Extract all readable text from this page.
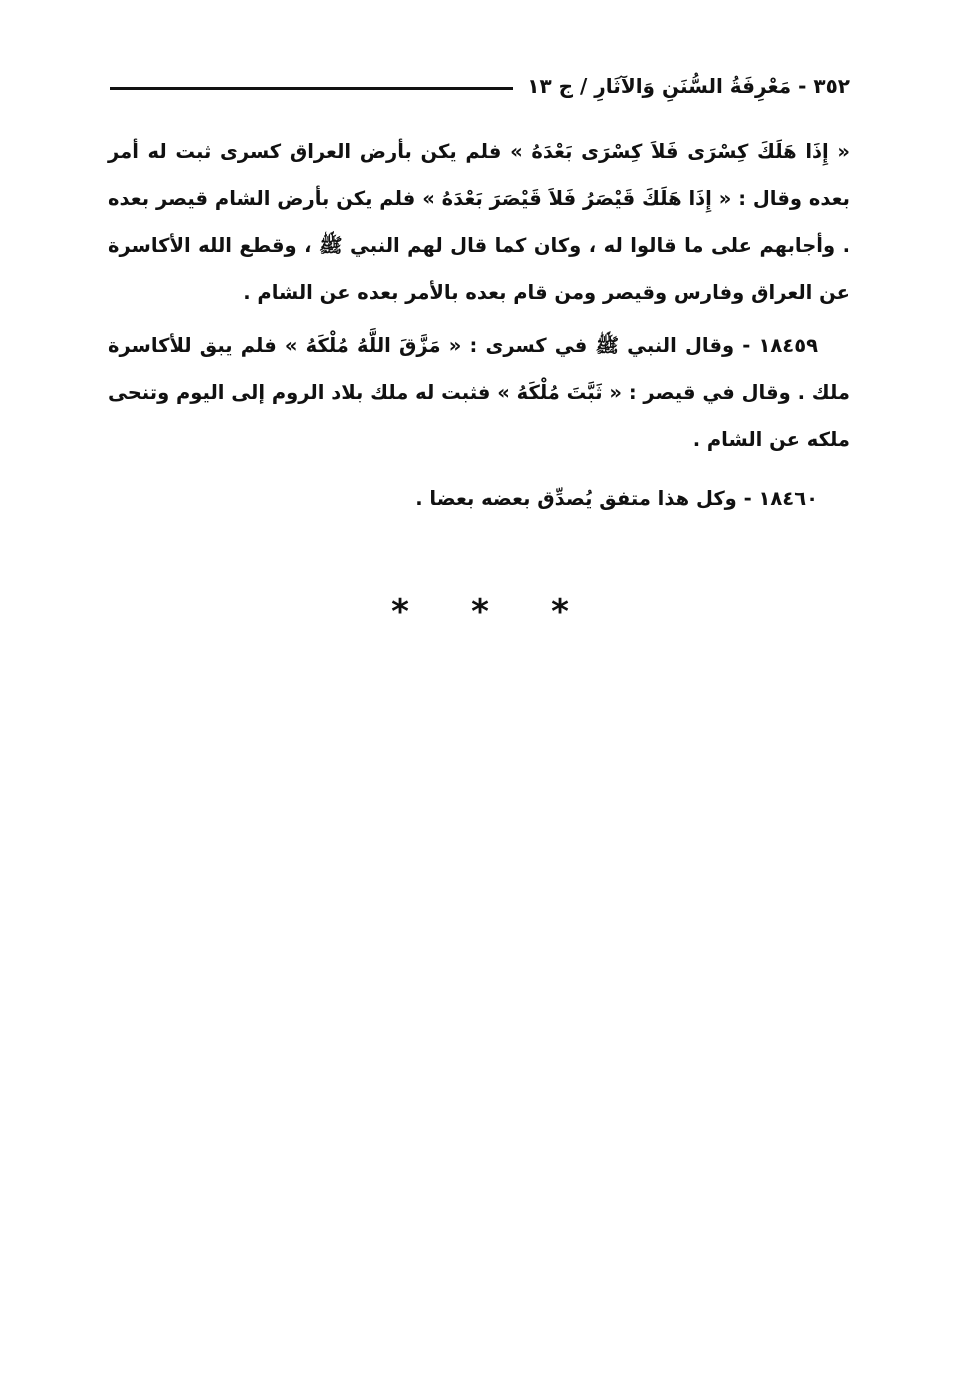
٣٥٢ - مَعْرِفَةُ السُّنَنِ وَالآثَارِ / ج ١٣

« إِذَا هَلَكَ كِسْرَى فَلاَ كِسْرَى بَعْدَهُ » فلم يكن بأرض العراق كسرى ثبت له أمر بعده وقال : « إِذَا هَلَكَ قَيْصَرُ فَلاَ قَيْصَرَ بَعْدَهُ » فلم يكن بأرض الشام قيصر بعده . وأجابهم على ما قالوا له ، وكان كما قال لهم النبي ﷺ ، وقطع الله الأكاسرة عن العراق وفارس وقيصر ومن قام بعده بالأمر بعده عن الشام .

١٨٤٥٩ - وقال النبي ﷺ في كسرى : « مَزَّقَ اللَّهُ مُلْكَهُ » فلم يبق للأكاسرة ملك . وقال في قيصر : « ثَبَّتَ مُلْكَهُ » فثبت له ملك بلاد الروم إلى اليوم وتنحى ملكه عن الشام .

١٨٤٦٠ - وكل هذا متفق يُصدِّق بعضه بعضا .

*	*	*
